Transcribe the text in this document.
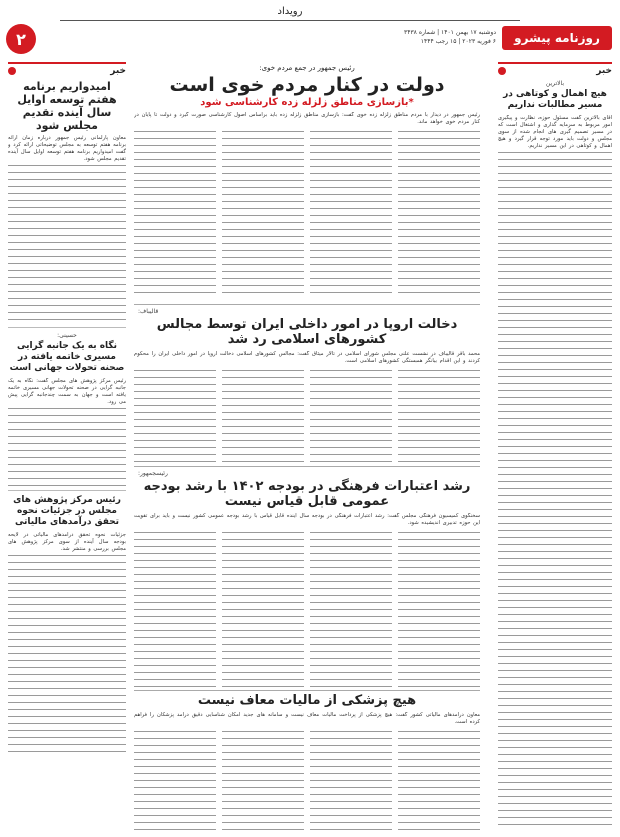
رویداد
۲	روزنامه پیشرو
دوشنبه ۱۷ بهمن ۱۴۰۱ | شماره ۳۴۳۸
۶ فوریه ۲۰۲۳ | ۱۵ رجب ۱۴۴۴
خبر
بالاترین
هیچ اهمال و کوتاهی در مسیر مطالبات نداریم
آقای بالاترین گفت مسئول حوزه، نظارت و پیگیری امور مربوط به سرمایه گذاری و اشتغال است که در مسیر تصمیم گیری های انجام شده از سوی مجلس و دولت باید مورد توجه قرار گیرد و هیچ اهمال و کوتاهی در این مسیر نداریم.
رئیس جمهور در جمع مردم خوی:
دولت در کنار مردم خوی است
*بازسازی مناطق زلزله زده کارشناسی شود
رئیس جمهور در دیدار با مردم مناطق زلزله زده خوی گفت: بازسازی مناطق زلزله زده باید براساس اصول کارشناسی صورت گیرد و دولت تا پایان در کنار مردم خوی خواهد ماند.
قالیباف:
دخالت اروپا در امور داخلی ایران توسط مجالس کشورهای اسلامی رد شد
محمد باقر قالیباف در نشست علنی مجلس شورای اسلامی در تالار میثاق گفت: مجالس کشورهای اسلامی دخالت اروپا در امور داخلی ایران را محکوم کردند و این اقدام بیانگر همبستگی کشورهای اسلامی است.
رئیسجمهور:
رشد اعتبارات فرهنگی در بودجه ۱۴۰۲ با رشد بودجه عمومی قابل قیاس نیست
سخنگوی کمیسیون فرهنگی مجلس گفت: رشد اعتبارات فرهنگی در بودجه سال آینده قابل قیاس با رشد بودجه عمومی کشور نیست و باید برای تقویت این حوزه تدبیری اندیشیده شود.
هیچ پزشکی از مالیات معاف نیست
معاون درآمدهای مالیاتی کشور گفت: هیچ پزشکی از پرداخت مالیات معاف نیست و سامانه های جدید امکان شناسایی دقیق درآمد پزشکان را فراهم کرده است.
خبر
امیدواریم برنامه هفتم توسعه اوایل سال آینده تقدیم مجلس شود
معاون پارلمانی رئیس جمهور درباره زمان ارائه برنامه هفتم توسعه به مجلس توضیحاتی ارائه کرد و گفت امیدواریم برنامه هفتم توسعه اوایل سال آینده تقدیم مجلس شود.
حسینی:
نگاه به یک جانبه گرایی مسیری خاتمه یافته در صحنه تحولات جهانی است
رئیس مرکز پژوهش های مجلس گفت: نگاه به یک جانبه گرایی در صحنه تحولات جهانی مسیری خاتمه یافته است و جهان به سمت چندجانبه گرایی پیش می رود.
رئیس مرکز پژوهش های مجلس در جزئیات نحوه تحقق درآمدهای مالیاتی
جزئیات نحوه تحقق درآمدهای مالیاتی در لایحه بودجه سال آینده از سوی مرکز پژوهش های مجلس بررسی و منتشر شد.
